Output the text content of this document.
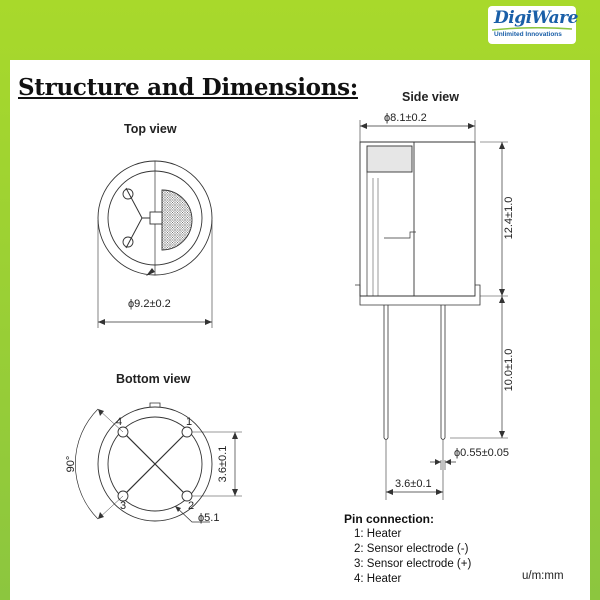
DigiWare
Unlimited Innovations
Structure and Dimensions:
Top view
ϕ9.2±0.2
Side view
ϕ8.1±0.2
12.4±1.0
10.0±1.0
ϕ0.55±0.05
3.6±0.1
Bottom view
90°	3.6±0.1
ϕ5.1
4	1
3	2
Pin connection:
1: Heater
2: Sensor electrode (-)
3: Sensor electrode (+)
4: Heater	u/m:mm
